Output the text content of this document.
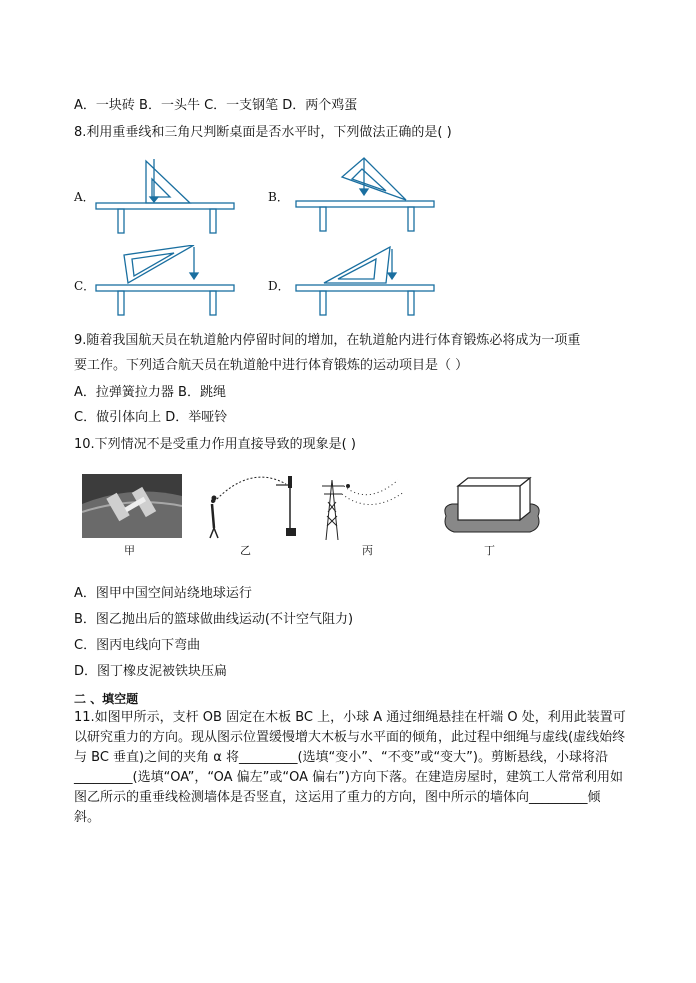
A．一块砖 B．一头牛 C．一支钢笔 D．两个鸡蛋
8.利用重垂线和三角尺判断桌面是否水平时，下列做法正确的是( )
A．	B．
C．	D．
9.随着我国航天员在轨道舱内停留时间的增加，在轨道舱内进行体育锻炼必将成为一项重
要工作。下列适合航天员在轨道舱中进行体育锻炼的运动项目是（ ）
A．拉弹簧拉力器 B．跳绳
C．做引体向上 D．举哑铃
10.下列情况不是受重力作用直接导致的现象是( )
甲	乙	丙	丁
A．图甲中国空间站绕地球运行
B．图乙抛出后的篮球做曲线运动(不计空气阻力)
C．图丙电线向下弯曲
D．图丁橡皮泥被铁块压扁
二 、填空题
11.如图甲所示，支杆 OB 固定在木板 BC 上，小球 A 通过细绳悬挂在杆端 O 处，利用此装置可以研究重力的方向。现从图示位置缓慢增大木板与水平面的倾角，此过程中细绳与虚线(虚线始终与 BC 垂直)之间的夹角 α 将_________(选填“变小”、“不变”或“变大”)。剪断悬线，小球将沿_________(选填“OA”，“OA 偏左”或“OA 偏右”)方向下落。在建造房屋时，建筑工人常常利用如图乙所示的重垂线检测墙体是否竖直，这运用了重力的方向，图中所示的墙体向_________倾斜。
